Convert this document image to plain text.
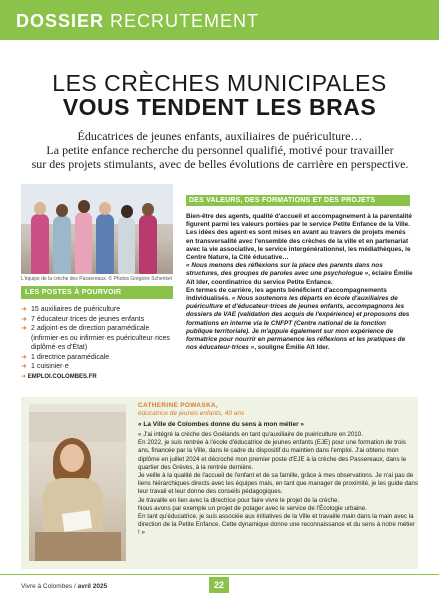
DOSSIER RECRUTEMENT
LES CRÈCHES MUNICIPALES
VOUS TENDENT LES BRAS

Éducatrices de jeunes enfants, auxiliaires de puériculture…

La petite enfance recherche du personnel qualifié, motivé pour travailler

sur des projets stimulants, avec de belles évolutions de carrière en perspective.

L'équipe de la crèche des Passereaux. © Photos Grégoire Schenkel
LES POSTES À POURVOIR
➜ 15 auxiliaires de puériculture
➜ 7 éducateur·trices de jeunes enfants
➜ 2 adjoint·es de direction paramédicale (infirmier·es ou infirmier·es puériculteur·rices diplômé·es d'État)
➜ 1 directrice paramédicale
➜ 1 cuisinier·e
➜ EMPLOI.COLOMBES.FR
DES VALEURS, DES FORMATIONS ET DES PROJETS

Bien-être des agents, qualité d'accueil et accompagnement à la parentalité figurent parmi les valeurs portées par le service Petite Enfance de la Ville. Les idées des agent·es sont mises en avant au travers de projets menés en transversalité avec l'ensemble des crèches de la ville et en partenariat avec la vie associative, le service intergénérationnel, les médiathèques, le Centre Nature, la Cité éducative…

« Nous menons des réflexions sur la place des parents dans nos structures, des groupes de paroles avec une psychologue », éclaire Émilie Aït Ider, coordinatrice du service Petite Enfance.

En termes de carrière, les agents bénéficient d'accompagnements individualisés. « Nous soutenons les départs en école d'auxiliaires de puériculture et d'éducateur·trices de jeunes enfants, accompagnons les dossiers de VAE (validation des acquis de l'expérience) et proposons des formations en interne via le CNFPT (Centre national de la fonction publique territoriale). Je m'appuie également sur mon expérience de formatrice pour nourrir en permanence les réflexions et les pratiques de nos éducateur·trices », souligne Émilie Aït Ider.

CATHERINE POWASKA,
éducatrice de jeunes enfants, 40 ans
« La Ville de Colombes donne du sens à mon métier »

« J'ai intégré la crèche des Goélands en tant qu'auxiliaire de puériculture en 2010.

En 2022, je suis rentrée à l'école d'éducatrice de jeunes enfants (EJE) pour une formation de trois ans, financée par la Ville, dans le cadre du dispositif du maintien dans l'emploi. J'ai obtenu mon diplôme en juillet 2024 et décroché mon premier poste d'EJE à la crèche des Passereaux, dans le quartier des Grèves, à la rentrée dernière.

Je veille à la qualité de l'accueil de l'enfant et de sa famille, grâce à mes observations. Je n'ai pas de liens hiérarchiques directs avec les équipes mais, en tant que manager de proximité, je les guide dans leur travail et leur donne des conseils pédagogiques.

Je travaille en lien avec la directrice pour faire vivre le projet de la crèche.

Nous avons par exemple un projet de potager avec le service de l'Écologie urbaine.

En tant qu'éducatrice, je suis associée aux initiatives de la Ville et travaille main dans la main avec la direction de la Petite Enfance. Cette dynamique donne une reconnaissance et du sens à notre métier ! »

Vivre à Colombes / avril 2025	22
